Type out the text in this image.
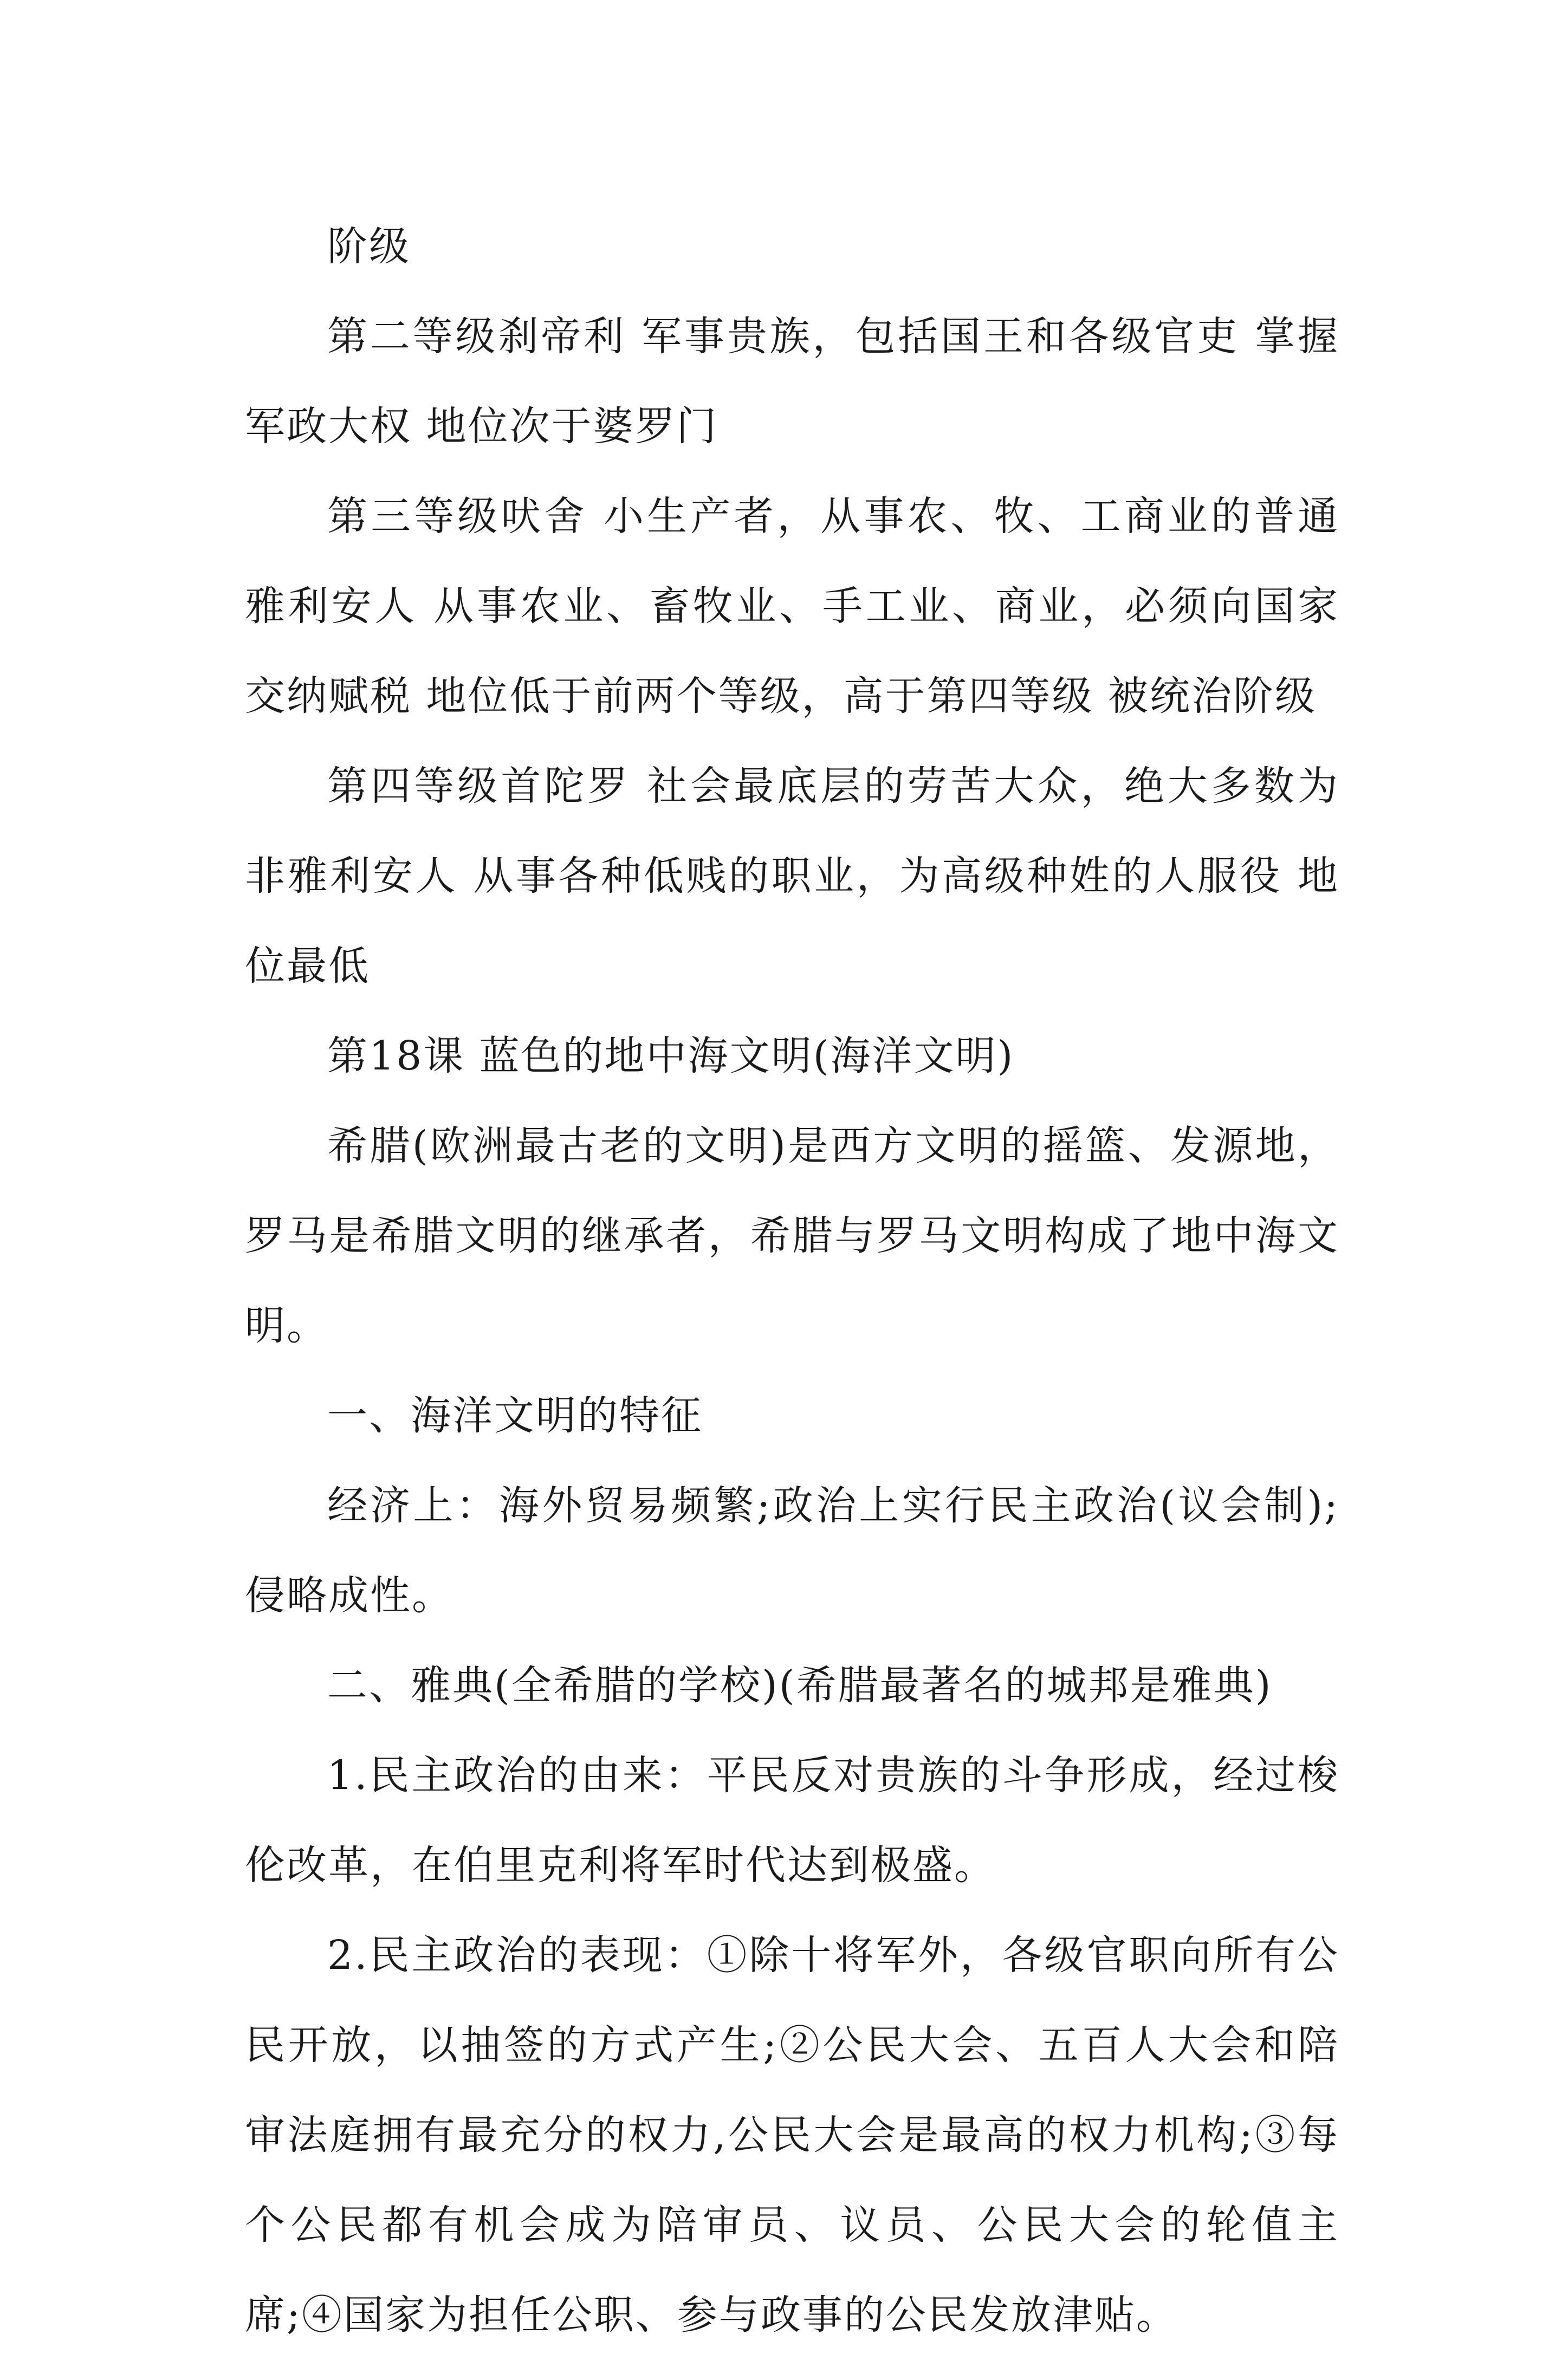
阶级

第二等级刹帝利 军事贵族，包括国王和各级官吏 掌握军政大权 地位次于婆罗门

第三等级吠舍 小生产者，从事农、牧、工商业的普通雅利安人 从事农业、畜牧业、手工业、商业，必须向国家交纳赋税 地位低于前两个等级，高于第四等级 被统治阶级

第四等级首陀罗 社会最底层的劳苦大众，绝大多数为非雅利安人 从事各种低贱的职业，为高级种姓的人服役 地位最低

第18课 蓝色的地中海文明(海洋文明)

希腊(欧洲最古老的文明)是西方文明的摇篮、发源地，罗马是希腊文明的继承者，希腊与罗马文明构成了地中海文明。

一、海洋文明的特征

经济上：海外贸易频繁;政治上实行民主政治(议会制);侵略成性。

二、雅典(全希腊的学校)(希腊最著名的城邦是雅典)

1.民主政治的由来：平民反对贵族的斗争形成，经过梭伦改革，在伯里克利将军时代达到极盛。

2.民主政治的表现：①除十将军外，各级官职向所有公民开放，以抽签的方式产生;②公民大会、五百人大会和陪审法庭拥有最充分的权力,公民大会是最高的权力机构;③每个公民都有机会成为陪审员、议员、公民大会的轮值主席;④国家为担任公职、参与政事的公民发放津贴。
